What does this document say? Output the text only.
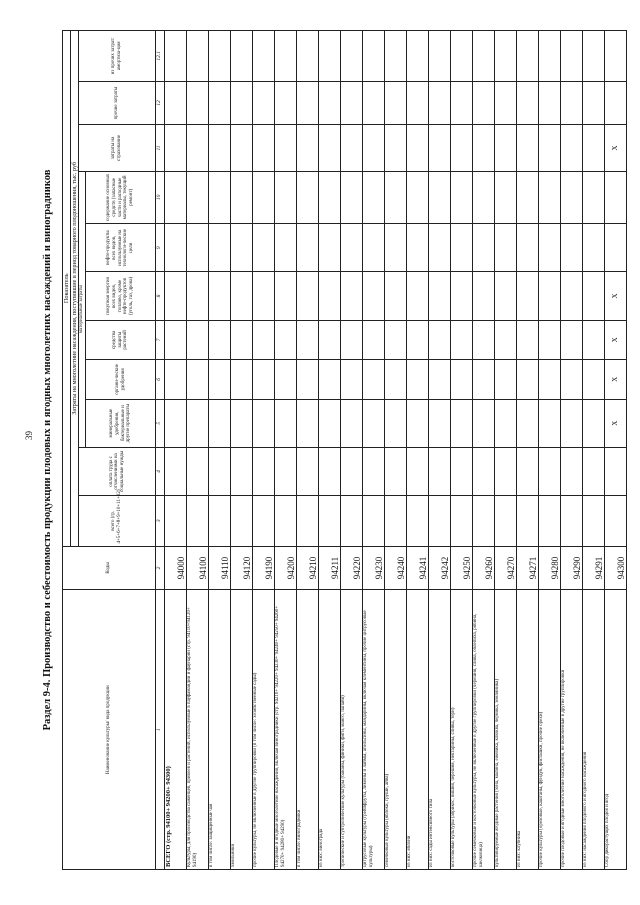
39 Раздел 9-4. Производство и себестоимость продукции плодовых и ягодных многолетних насаждений и виноградников	Наименование культуры/ вида продукции	Коды	Показатель										
		Затраты на многолетние насаждения, поступившие в период товарного плодоношения, тыс. руб										
		всего (гр. 4+5+6+7+8+9+10+11+12)	оплата труда с отчислениями на социальные нужды	материальные затраты						затраты на страхование	прочие затраты	из прочих затрат: амортиза-ция
				минеральные удобрения, бактериальные и другие препараты	органи-ческие удобрения	средства защиты растений	покупная энергия всех видов, топливо, кроме нефте-продуктов (уголь, газ, дрова)	нефте-продукты всех видов, используемые на технологи-ческие цели	содержание основных средств (запасные части и расходные материалы, текущий ремонт)			
1	2	3	4	5	6	7	8	9	10	11	12	12.1
ВСЕГО (стр. 94100+ 94200+ 94300)	94000											
Культуры, для производства саженцев, привоев и растений, используемые в пауфамандии и фаунарии (стр. 94110+94120+ 94190)	94100											
в том числе: защищенные чая	94110											
хмельники	94120											
прочие культуры, не включенные в другие группировки (в том числе: хозяйственные сады)	94190											
Плодовые и ягодные многолетние насаждения, включая виноградники (стр. 94210+ 94220+ 94230+ 94240+ 94250+ 94260+ 94270+ 94280+ 94290)	94200											
в том числе: виноградники	94210											
из них: винограда	94211											
тропические и субтропические культуры (бананы, финики, фиги, манго, папайя)	94220											
цитрусовые культуры (грейпфруты, лимоны и лаймы, апельсины, мандарины, включая клементины, прочие цитрусовые культуры)	94230											
семечковые культуры (яблоки, груши, айва)	94240											
из них: яблони	94241											
из них: сады интенсивного типа	94242											
косточковые культуры (абрикос, вишня, черешня, нектарины, сливы, терн)	94250											
прочие семечковые и косточковые культуры, не включенные в другие группировки (черешня, слива, облепиха, рябина, шелковица)	94260											
культивируемые ягодные растения (зона, малина, ежевика, клюква, черника, земляника)	94270											
из них: клубника	94271											
прочие культуры (ореховые, каштаны, фундук, фисташки, прочие орехи)	94280											
прочие плодовые и ягодные многолетние насаждения, не включенные в другие группировки	94290											
из них: насаждения плодового и ягодного насаждения	94291											
Сбор дикорастущих плодов и ягод	94300			X	X	X	X			X		
